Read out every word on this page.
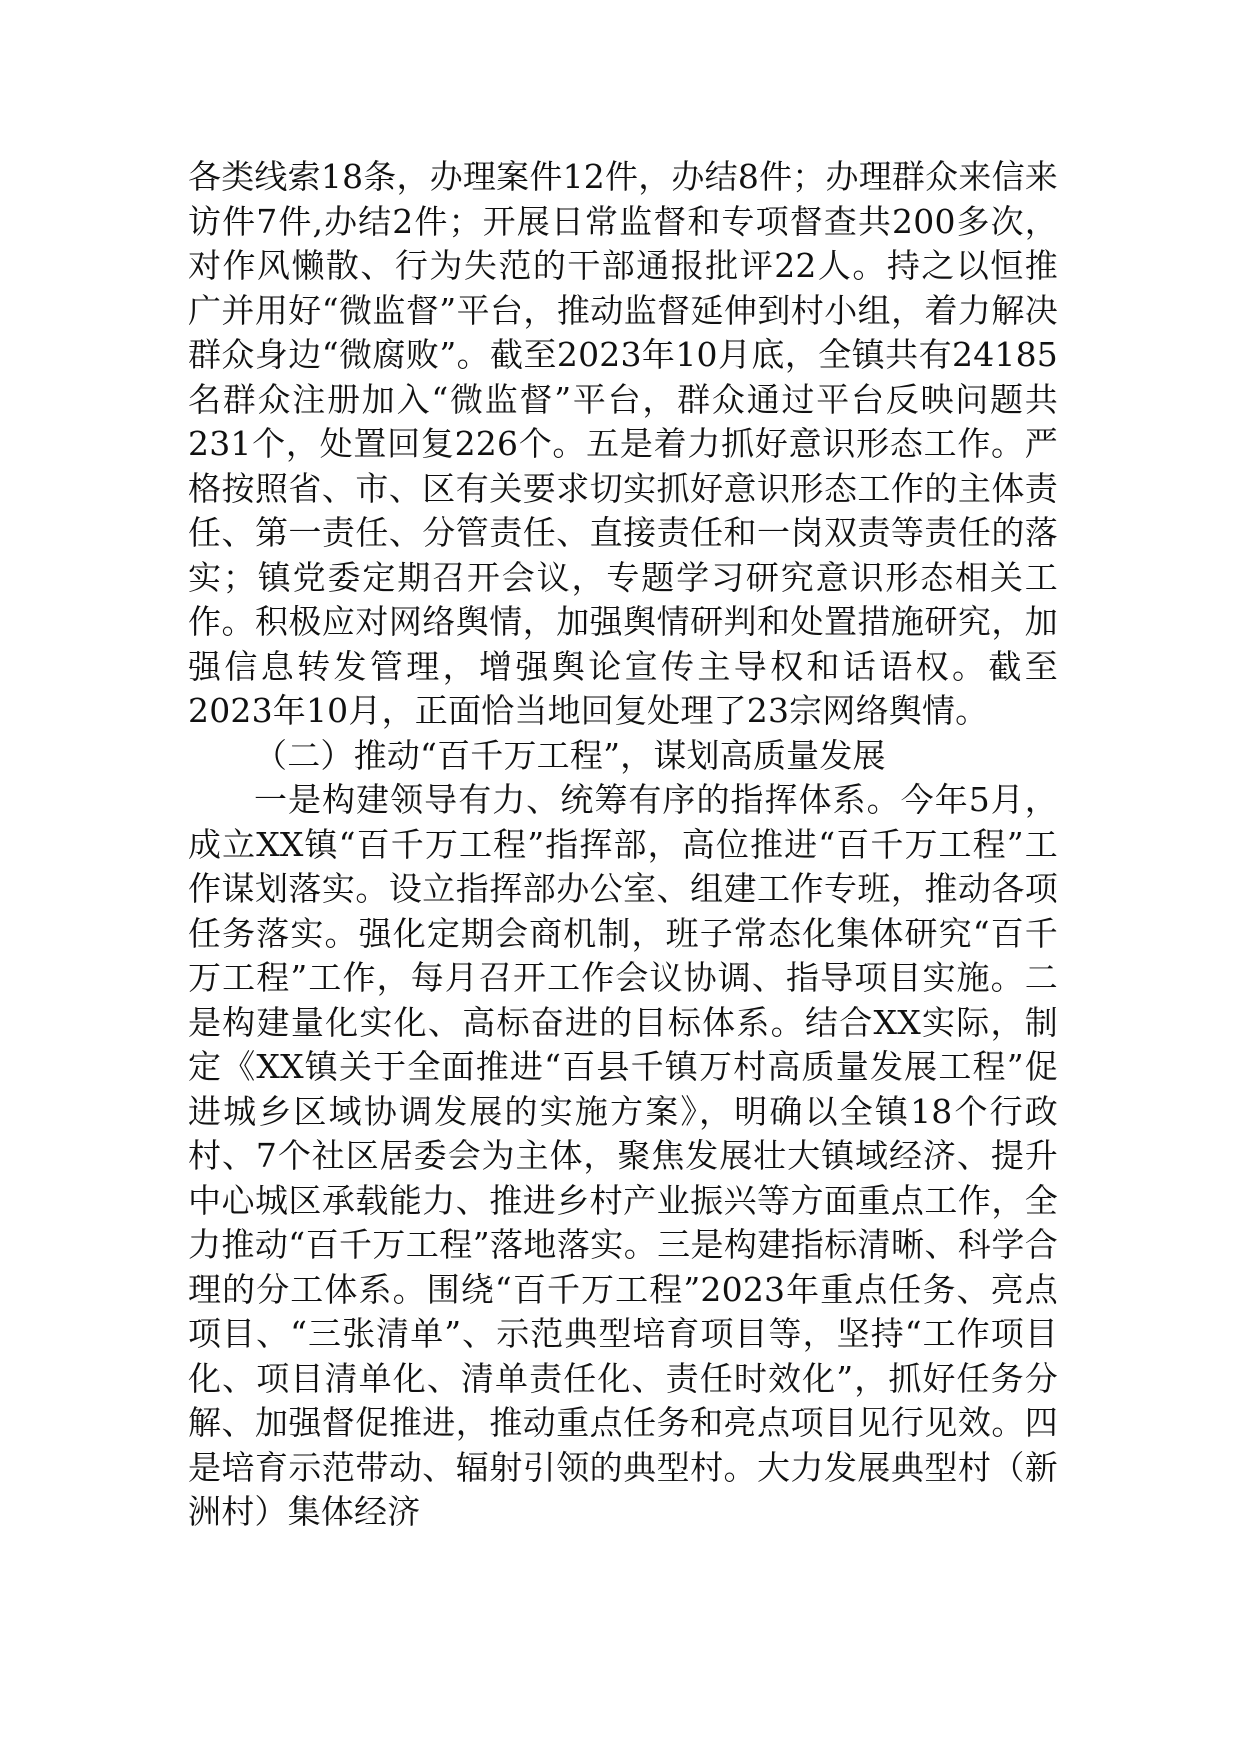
各类线索18条，办理案件12件，办结8件；办理群众来信来访件7件,办结2件；开展日常监督和专项督查共200多次，对作风懒散、行为失范的干部通报批评22人。持之以恒推广并用好“微监督”平台，推动监督延伸到村小组，着力解决群众身边“微腐败”。截至2023年10月底，全镇共有24185名群众注册加入“微监督”平台，群众通过平台反映问题共231个，处置回复226个。五是着力抓好意识形态工作。严格按照省、市、区有关要求切实抓好意识形态工作的主体责任、第一责任、分管责任、直接责任和一岗双责等责任的落实；镇党委定期召开会议，专题学习研究意识形态相关工作。积极应对网络舆情，加强舆情研判和处置措施研究，加强信息转发管理，增强舆论宣传主导权和话语权。截至2023年10月，正面恰当地回复处理了23宗网络舆情。

（二）推动“百千万工程”，谋划高质量发展

一是构建领导有力、统筹有序的指挥体系。今年5月，成立XX镇“百千万工程”指挥部，高位推进“百千万工程”工作谋划落实。设立指挥部办公室、组建工作专班，推动各项任务落实。强化定期会商机制，班子常态化集体研究“百千万工程”工作，每月召开工作会议协调、指导项目实施。二是构建量化实化、高标奋进的目标体系。结合XX实际，制定《XX镇关于全面推进“百县千镇万村高质量发展工程”促进城乡区域协调发展的实施方案》，明确以全镇18个行政村、7个社区居委会为主体，聚焦发展壮大镇域经济、提升中心城区承载能力、推进乡村产业振兴等方面重点工作，全力推动“百千万工程”落地落实。三是构建指标清晰、科学合理的分工体系。围绕“百千万工程”2023年重点任务、亮点项目、“三张清单”、示范典型培育项目等，坚持“工作项目化、项目清单化、清单责任化、责任时效化”，抓好任务分解、加强督促推进，推动重点任务和亮点项目见行见效。四是培育示范带动、辐射引领的典型村。大力发展典型村（新洲村）集体经济
